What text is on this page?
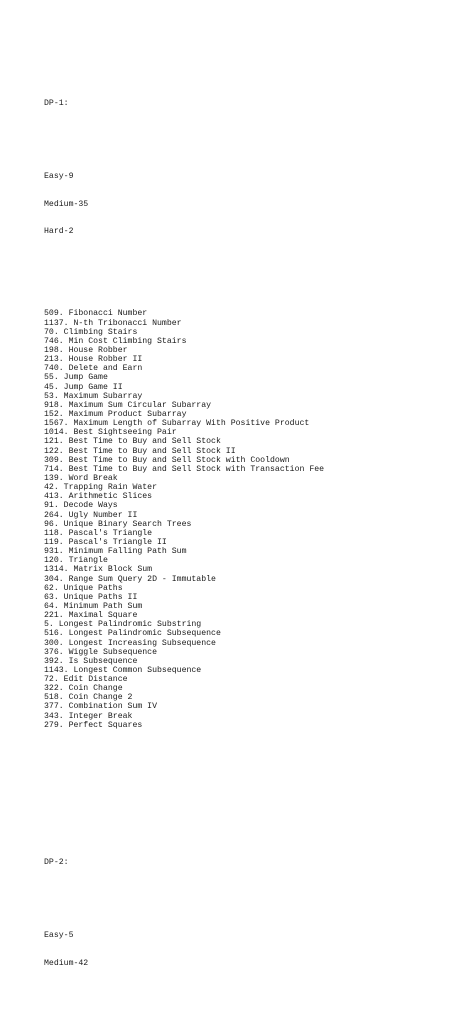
DP-1:

Easy-9

Medium-35

Hard-2

509. Fibonacci Number
1137. N-th Tribonacci Number
70. Climbing Stairs
746. Min Cost Climbing Stairs
198. House Robber
213. House Robber II
740. Delete and Earn
55. Jump Game
45. Jump Game II
53. Maximum Subarray
918. Maximum Sum Circular Subarray
152. Maximum Product Subarray
1567. Maximum Length of Subarray With Positive Product
1014. Best Sightseeing Pair
121. Best Time to Buy and Sell Stock
122. Best Time to Buy and Sell Stock II
309. Best Time to Buy and Sell Stock with Cooldown
714. Best Time to Buy and Sell Stock with Transaction Fee
139. Word Break
42. Trapping Rain Water
413. Arithmetic Slices
91. Decode Ways
264. Ugly Number II
96. Unique Binary Search Trees
118. Pascal's Triangle
119. Pascal's Triangle II
931. Minimum Falling Path Sum
120. Triangle
1314. Matrix Block Sum
304. Range Sum Query 2D - Immutable
62. Unique Paths
63. Unique Paths II
64. Minimum Path Sum
221. Maximal Square
5. Longest Palindromic Substring
516. Longest Palindromic Subsequence
300. Longest Increasing Subsequence
376. Wiggle Subsequence
392. Is Subsequence
1143. Longest Common Subsequence
72. Edit Distance
322. Coin Change
518. Coin Change 2
377. Combination Sum IV
343. Integer Break
279. Perfect Squares

DP-2:

Easy-5

Medium-42
